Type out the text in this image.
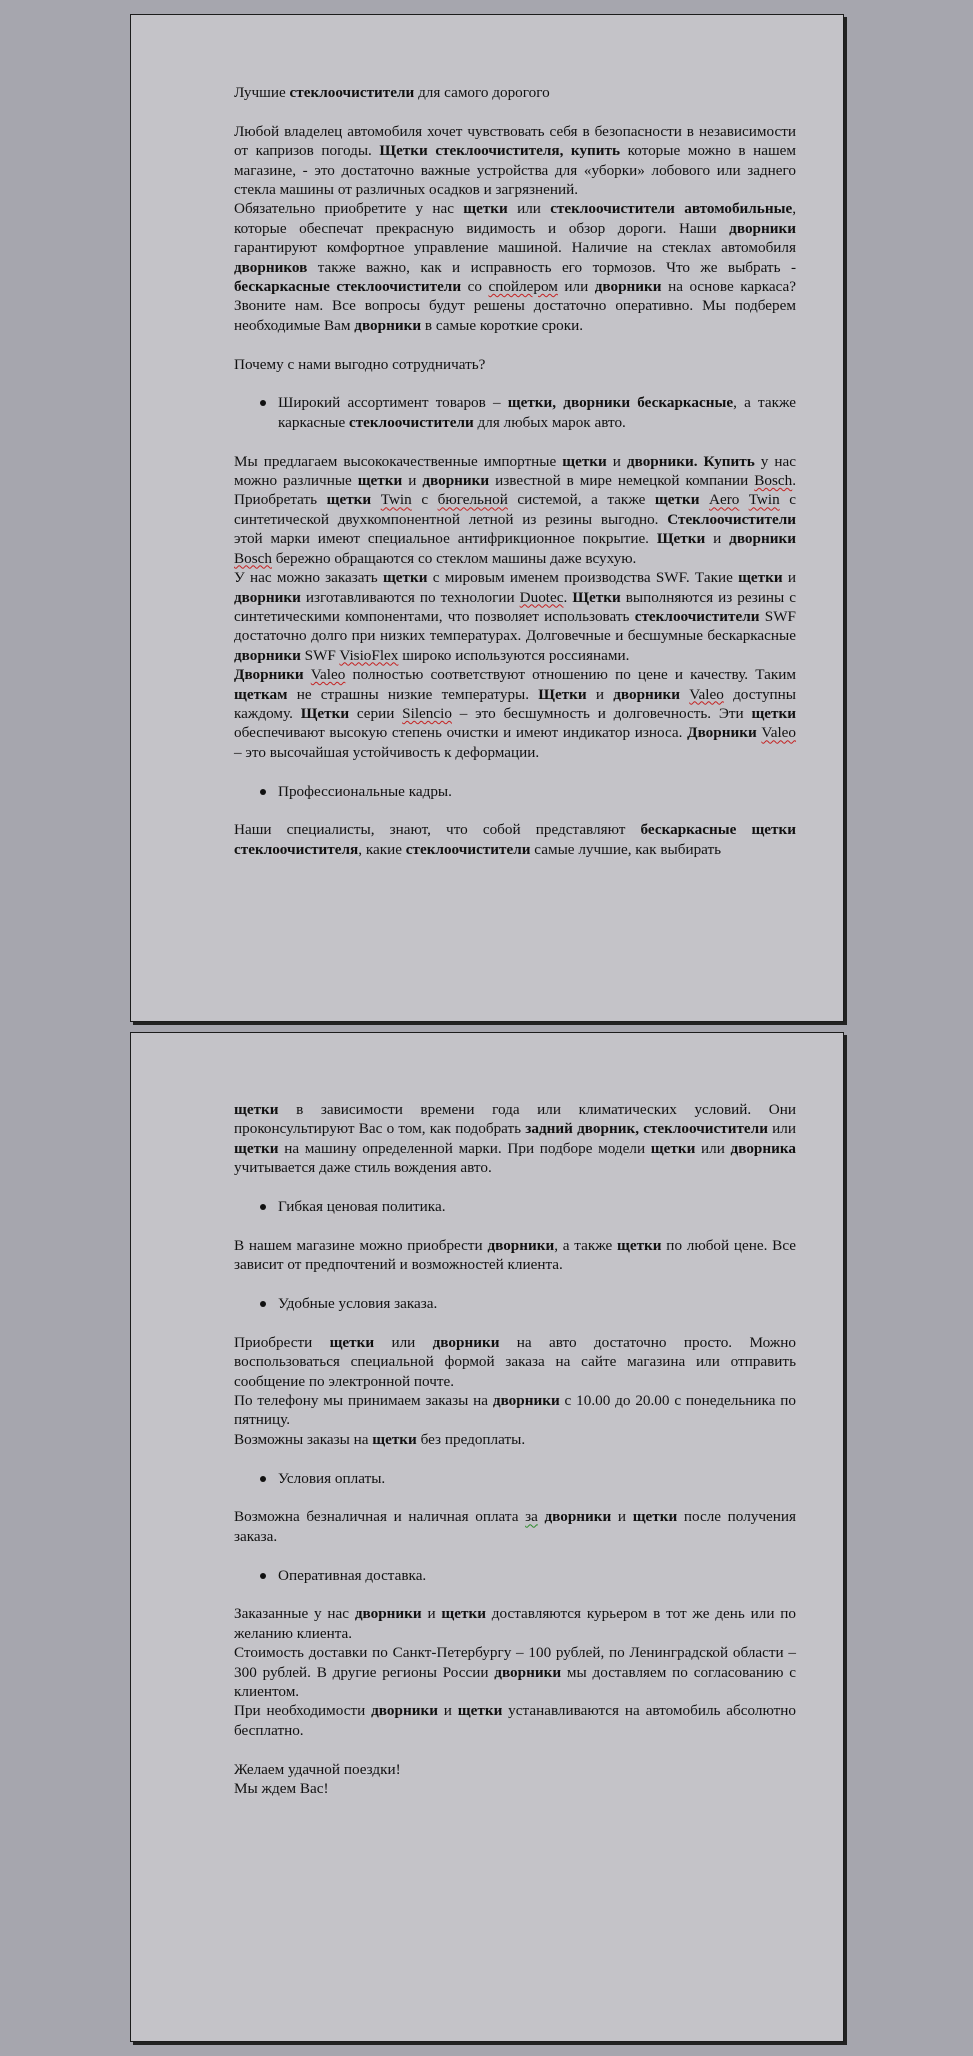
Лучшие стеклоочистители для самого дорогого

Любой владелец автомобиля хочет чувствовать себя в безопасности в независимости от капризов погоды. Щетки стеклоочистителя, купить которые можно в нашем магазине, - это достаточно важные устройства для «уборки» лобового или заднего стекла машины от различных осадков и загрязнений.

Обязательно приобретите у нас щетки или стеклоочистители автомобильные, которые обеспечат прекрасную видимость и обзор дороги. Наши дворники гарантируют комфортное управление машиной. Наличие на стеклах автомобиля дворников также важно, как и исправность его тормозов. Что же выбрать - бескаркасные стеклоочистители со спойлером или дворники на основе каркаса? Звоните нам. Все вопросы будут решены достаточно оперативно. Мы подберем необходимые Вам дворники в самые короткие сроки.

Почему с нами выгодно сотрудничать?

Широкий ассортимент товаров – щетки, дворники бескаркасные, а также каркасные стеклоочистители для любых марок авто.

Мы предлагаем высококачественные импортные щетки и дворники. Купить у нас можно различные щетки и дворники известной в мире немецкой компании Bosch. Приобретать щетки Twin с бюгельной системой, а также щетки Aero Twin с синтетической двухкомпонентной летной из резины выгодно. Стеклоочистители этой марки имеют специальное антифрикционное покрытие. Щетки и дворники Bosch бережно обращаются со стеклом машины даже всухую.

У нас можно заказать щетки с мировым именем производства SWF. Такие щетки и дворники изготавливаются по технологии Duotec. Щетки выполняются из резины с синтетическими компонентами, что позволяет использовать стеклоочистители SWF достаточно долго при низких температурах. Долговечные и бесшумные бескаркасные дворники SWF VisioFlex широко используются россиянами.

Дворники Valeo полностью соответствуют отношению по цене и качеству. Таким щеткам не страшны низкие температуры. Щетки и дворники Valeo доступны каждому. Щетки серии Silencio – это бесшумность и долговечность. Эти щетки обеспечивают высокую степень очистки и имеют индикатор износа. Дворники Valeo – это высочайшая устойчивость к деформации.

Профессиональные кадры.

Наши специалисты, знают, что собой представляют бескаркасные щетки стеклоочистителя, какие стеклоочистители самые лучшие, как выбирать

щетки в зависимости времени года или климатических условий. Они проконсультируют Вас о том, как подобрать задний дворник, стеклоочистители или щетки на машину определенной марки. При подборе модели щетки или дворника учитывается даже стиль вождения авто.

Гибкая ценовая политика.

В нашем магазине можно приобрести дворники, а также щетки по любой цене. Все зависит от предпочтений и возможностей клиента.

Удобные условия заказа.

Приобрести щетки или дворники на авто достаточно просто. Можно воспользоваться специальной формой заказа на сайте магазина или отправить сообщение по электронной почте.

По телефону мы принимаем заказы на дворники с 10.00 до 20.00 с понедельника по пятницу.

Возможны заказы на щетки без предоплаты.

Условия оплаты.

Возможна безналичная и наличная оплата за дворники и щетки после получения заказа.

Оперативная доставка.

Заказанные у нас дворники и щетки доставляются курьером в тот же день или по желанию клиента.

Стоимость доставки по Санкт-Петербургу – 100 рублей, по Ленинградской области – 300 рублей. В другие регионы России дворники мы доставляем по согласованию с клиентом.

При необходимости дворники и щетки устанавливаются на автомобиль абсолютно бесплатно.

Желаем удачной поездки!

Мы ждем Вас!
